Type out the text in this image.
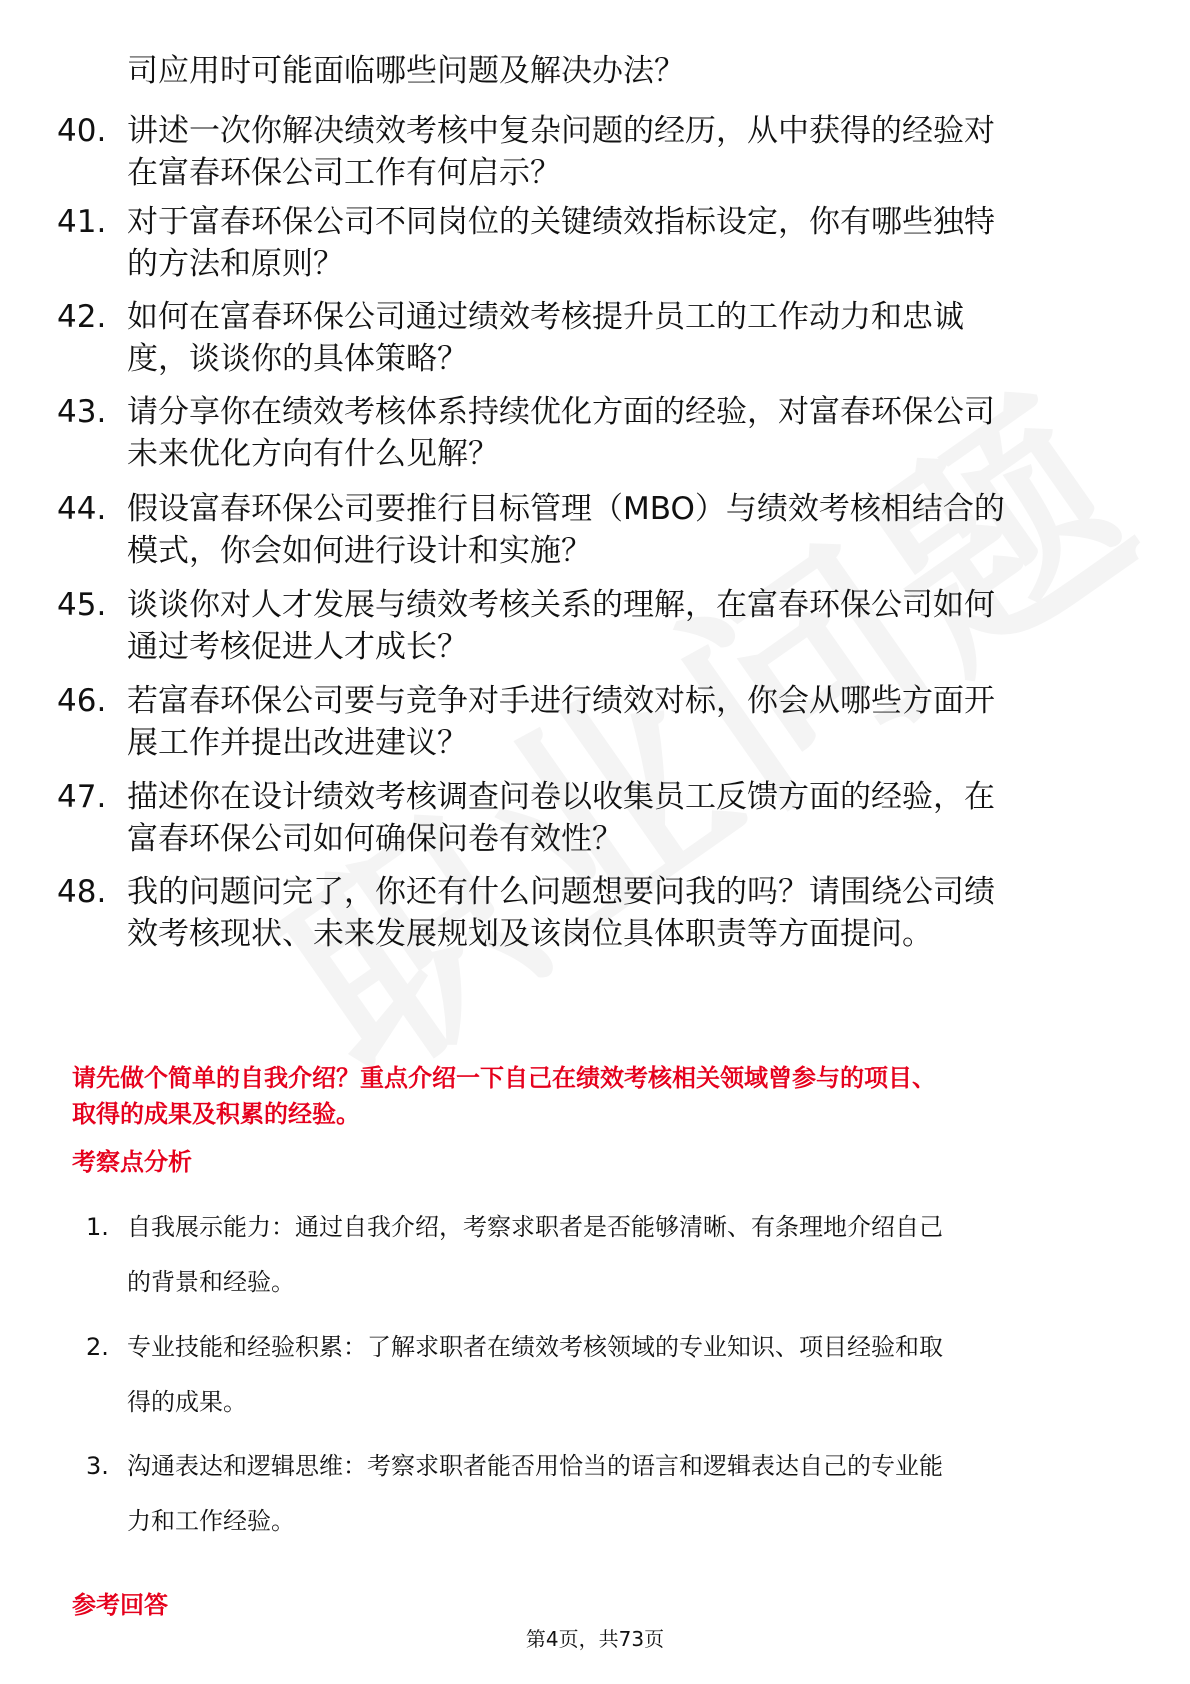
司应用时可能面临哪些问题及解决办法？
40. 讲述一次你解决绩效考核中复杂问题的经历，从中获得的经验对
在富春环保公司工作有何启示？
41. 对于富春环保公司不同岗位的关键绩效指标设定，你有哪些独特
的方法和原则？
42. 如何在富春环保公司通过绩效考核提升员工的工作动力和忠诚
度，谈谈你的具体策略？
43. 请分享你在绩效考核体系持续优化方面的经验，对富春环保公司
未来优化方向有什么见解？
44. 假设富春环保公司要推行目标管理（MBO）与绩效考核相结合的
模式，你会如何进行设计和实施？
45. 谈谈你对人才发展与绩效考核关系的理解，在富春环保公司如何
通过考核促进人才成长？
46. 若富春环保公司要与竞争对手进行绩效对标，你会从哪些方面开
展工作并提出改进建议？
47. 描述你在设计绩效考核调查问卷以收集员工反馈方面的经验，在
富春环保公司如何确保问卷有效性？
48. 我的问题问完了，你还有什么问题想要问我的吗？请围绕公司绩
效考核现状、未来发展规划及该岗位具体职责等方面提问。
请先做个简单的自我介绍？重点介绍一下自己在绩效考核相关领域曾参与的项目、
取得的成果及积累的经验。
考察点分析
1. 自我展示能力：通过自我介绍，考察求职者是否能够清晰、有条理地介绍自己
的背景和经验。
2. 专业技能和经验积累：了解求职者在绩效考核领域的专业知识、项目经验和取
得的成果。
3. 沟通表达和逻辑思维：考察求职者能否用恰当的语言和逻辑表达自己的专业能
力和工作经验。
参考回答
第4页，共73页
